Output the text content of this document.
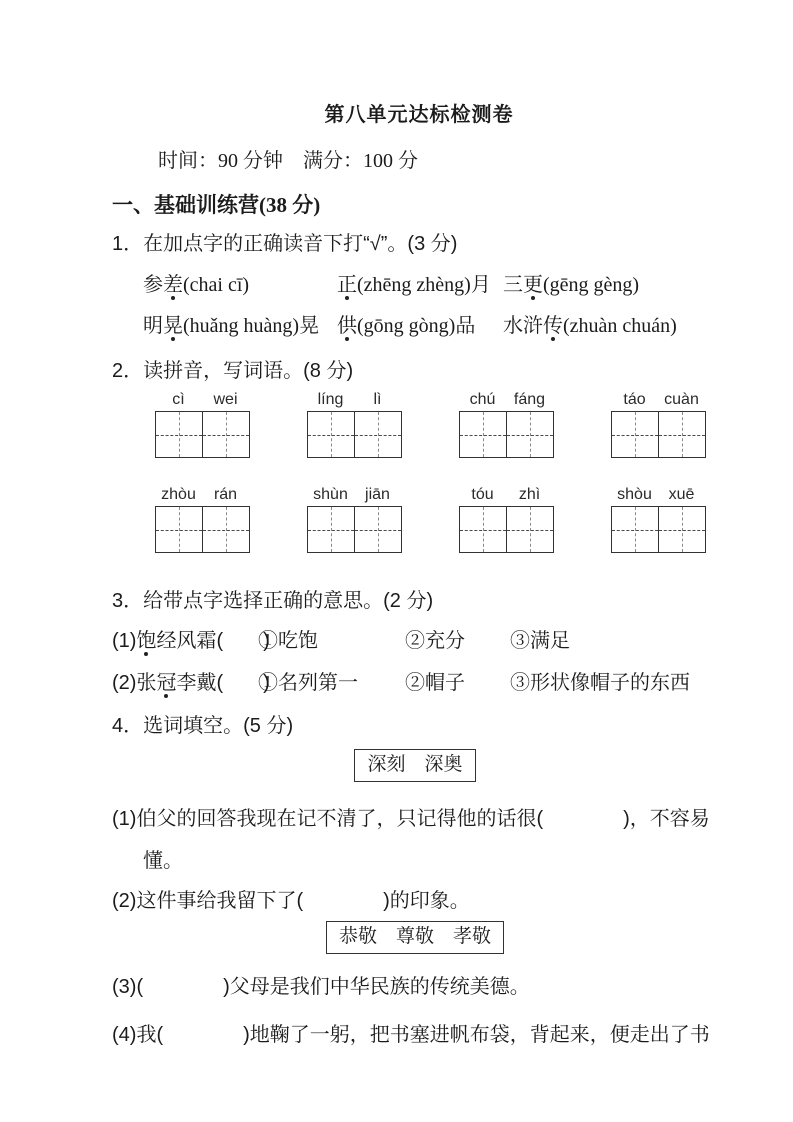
第八单元达标检测卷
时间：90 分钟　满分：100 分
一、基础训练营(38 分)
1．在加点字的正确读音下打“√”。(3 分)
参差(chai cī)	正(zhēng zhèng)月 三更(gēng gèng)
明晃(huǎng huàng)晃 供(gōng gòng)品	水浒传(zhuàn chuán)
2．读拼音，写词语。(8 分)
cì	wei	líng	lì	chú	fáng	táo	cuàn
zhòu	rán	shùn	jiān	tóu	zhì	shòu	xuē
3．给带点字选择正确的意思。(2 分)
(1)饱经风霜(　　)
①吃饱	②充分	③满足
(2)张冠李戴(　　)
①名列第一	②帽子	③形状像帽子的东西
4．选词填空。(5 分)
深刻　深奥
(1)伯父的回答我现在记不清了，只记得他的话很(　　　　)，不容易
懂。
(2)这件事给我留下了(　　　　)的印象。
恭敬　尊敬　孝敬
(3)(　　　　)父母是我们中华民族的传统美德。
(4)我(　　　　)地鞠了一躬，把书塞进帆布袋，背起来，便走出了书
